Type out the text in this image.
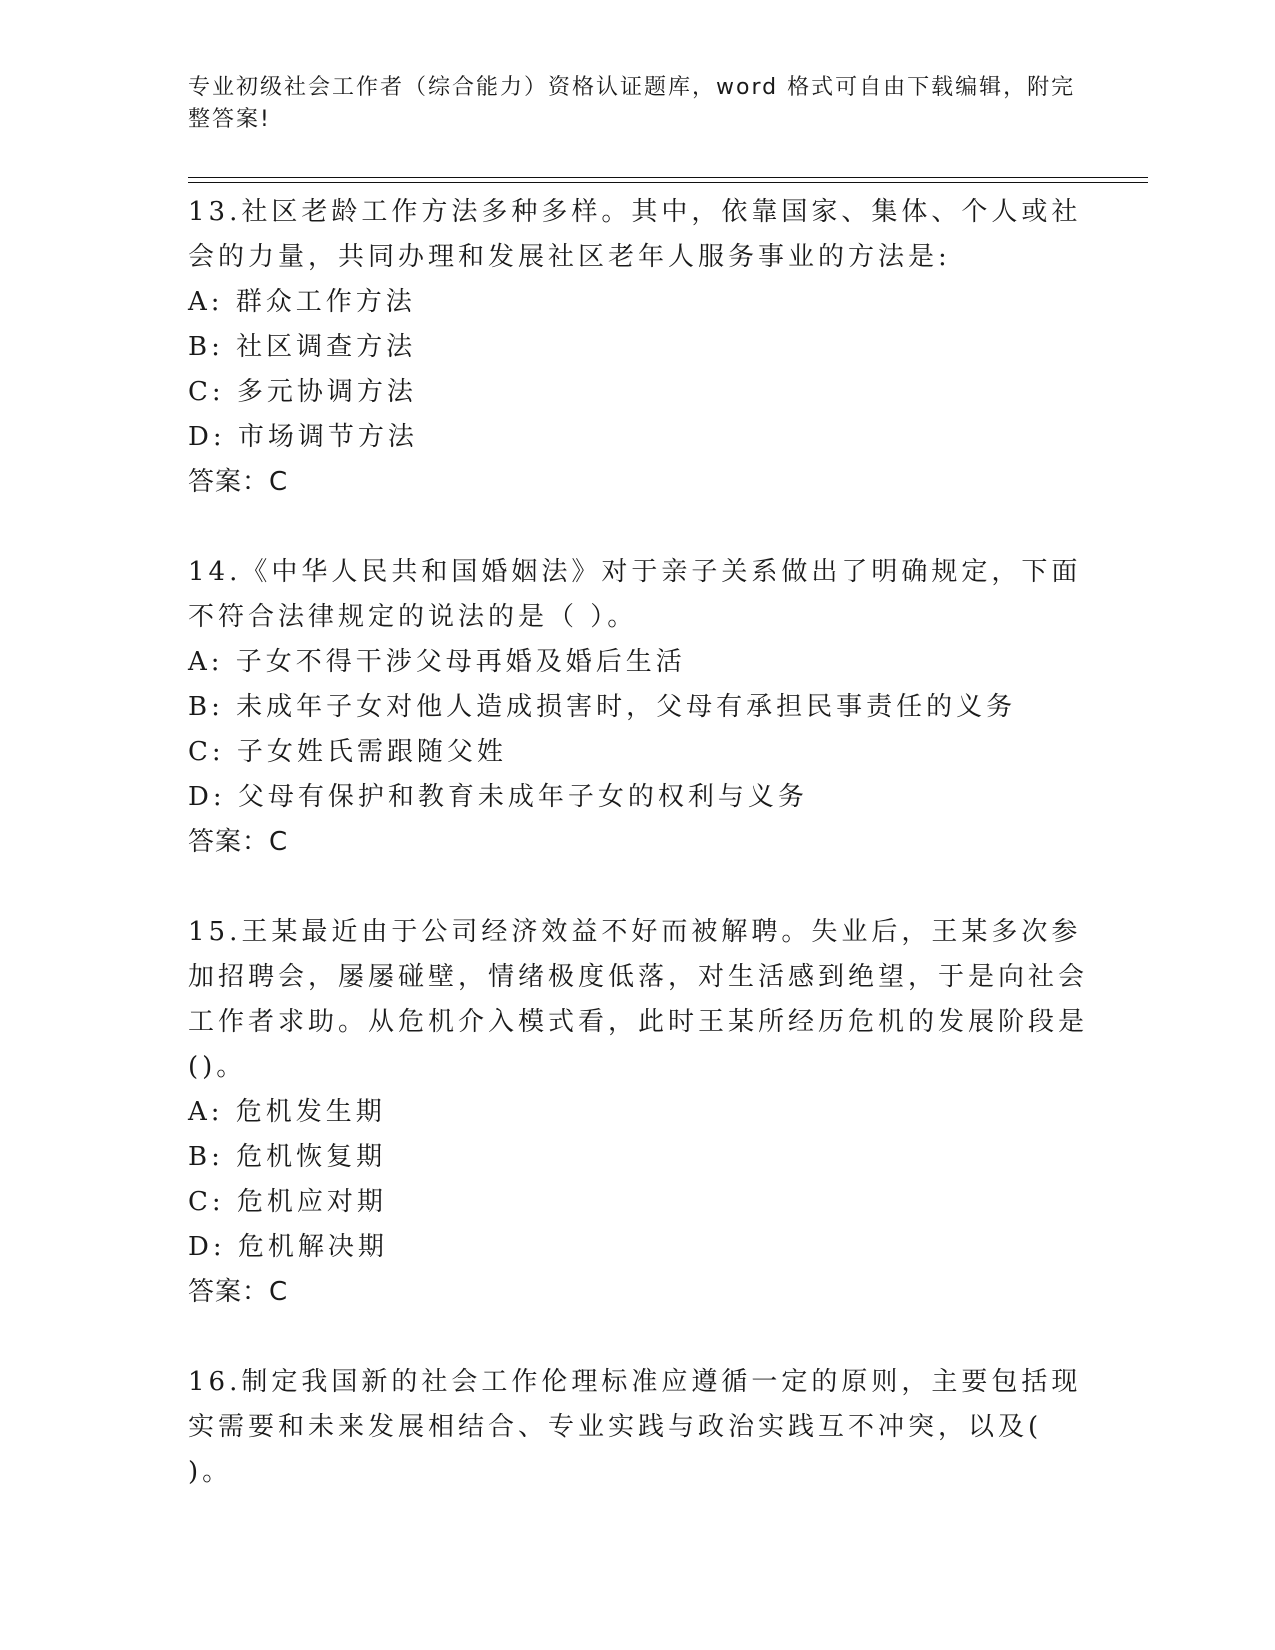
专业初级社会工作者（综合能力）资格认证题库，word 格式可自由下载编辑，附完整答案!

13.社区老龄工作方法多种多样。其中，依靠国家、集体、个人或社会的力量，共同办理和发展社区老年人服务事业的方法是:

A: 群众工作方法

B: 社区调查方法

C: 多元协调方法

D: 市场调节方法

答案：C

14.《中华人民共和国婚姻法》对于亲子关系做出了明确规定，下面不符合法律规定的说法的是（ ）。

A: 子女不得干涉父母再婚及婚后生活

B: 未成年子女对他人造成损害时，父母有承担民事责任的义务

C: 子女姓氏需跟随父姓

D: 父母有保护和教育未成年子女的权利与义务

答案：C

15.王某最近由于公司经济效益不好而被解聘。失业后，王某多次参加招聘会，屡屡碰壁，情绪极度低落，对生活感到绝望，于是向社会工作者求助。从危机介入模式看，此时王某所经历危机的发展阶段是()。

A: 危机发生期

B: 危机恢复期

C: 危机应对期

D: 危机解决期

答案：C

16.制定我国新的社会工作伦理标准应遵循一定的原则，主要包括现实需要和未来发展相结合、专业实践与政治实践互不冲突，以及( )。
